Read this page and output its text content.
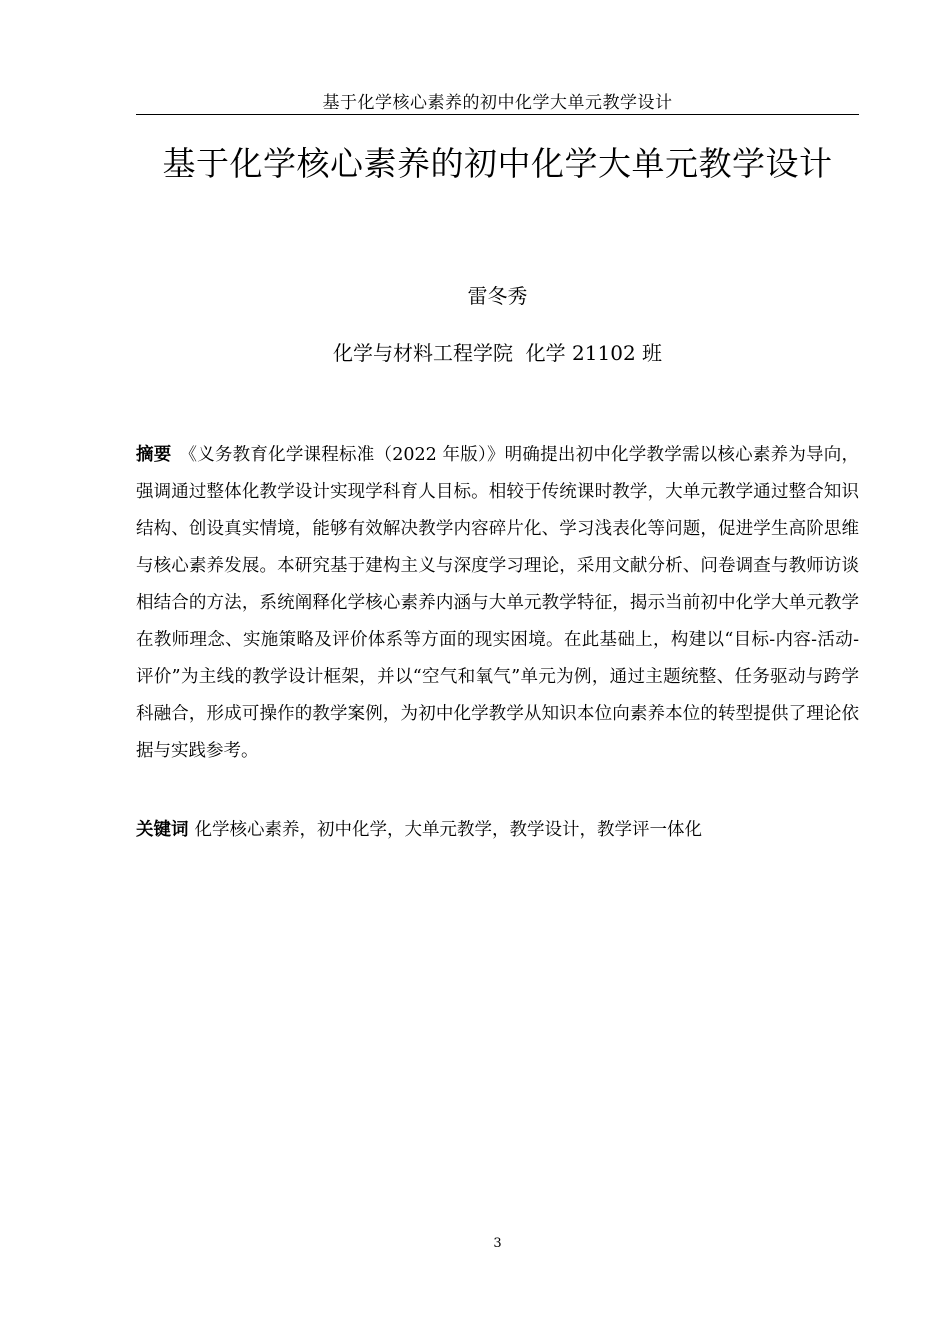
基于化学核心素养的初中化学大单元教学设计
基于化学核心素养的初中化学大单元教学设计
雷冬秀
化学与材料工程学院  化学 21102 班

摘要 《义务教育化学课程标准（2022 年版）》明确提出初中化学教学需以核心素养为导向，强调通过整体化教学设计实现学科育人目标。相较于传统课时教学，大单元教学通过整合知识结构、创设真实情境，能够有效解决教学内容碎片化、学习浅表化等问题，促进学生高阶思维与核心素养发展。本研究基于建构主义与深度学习理论，采用文献分析、问卷调查与教师访谈相结合的方法，系统阐释化学核心素养内涵与大单元教学特征，揭示当前初中化学大单元教学在教师理念、实施策略及评价体系等方面的现实困境。在此基础上，构建以“目标-内容-活动-评价”为主线的教学设计框架，并以“空气和氧气”单元为例，通过主题统整、任务驱动与跨学科融合，形成可操作的教学案例，为初中化学教学从知识本位向素养本位的转型提供了理论依据与实践参考。

关键词 化学核心素养，初中化学，大单元教学，教学设计，教学评一体化

3
